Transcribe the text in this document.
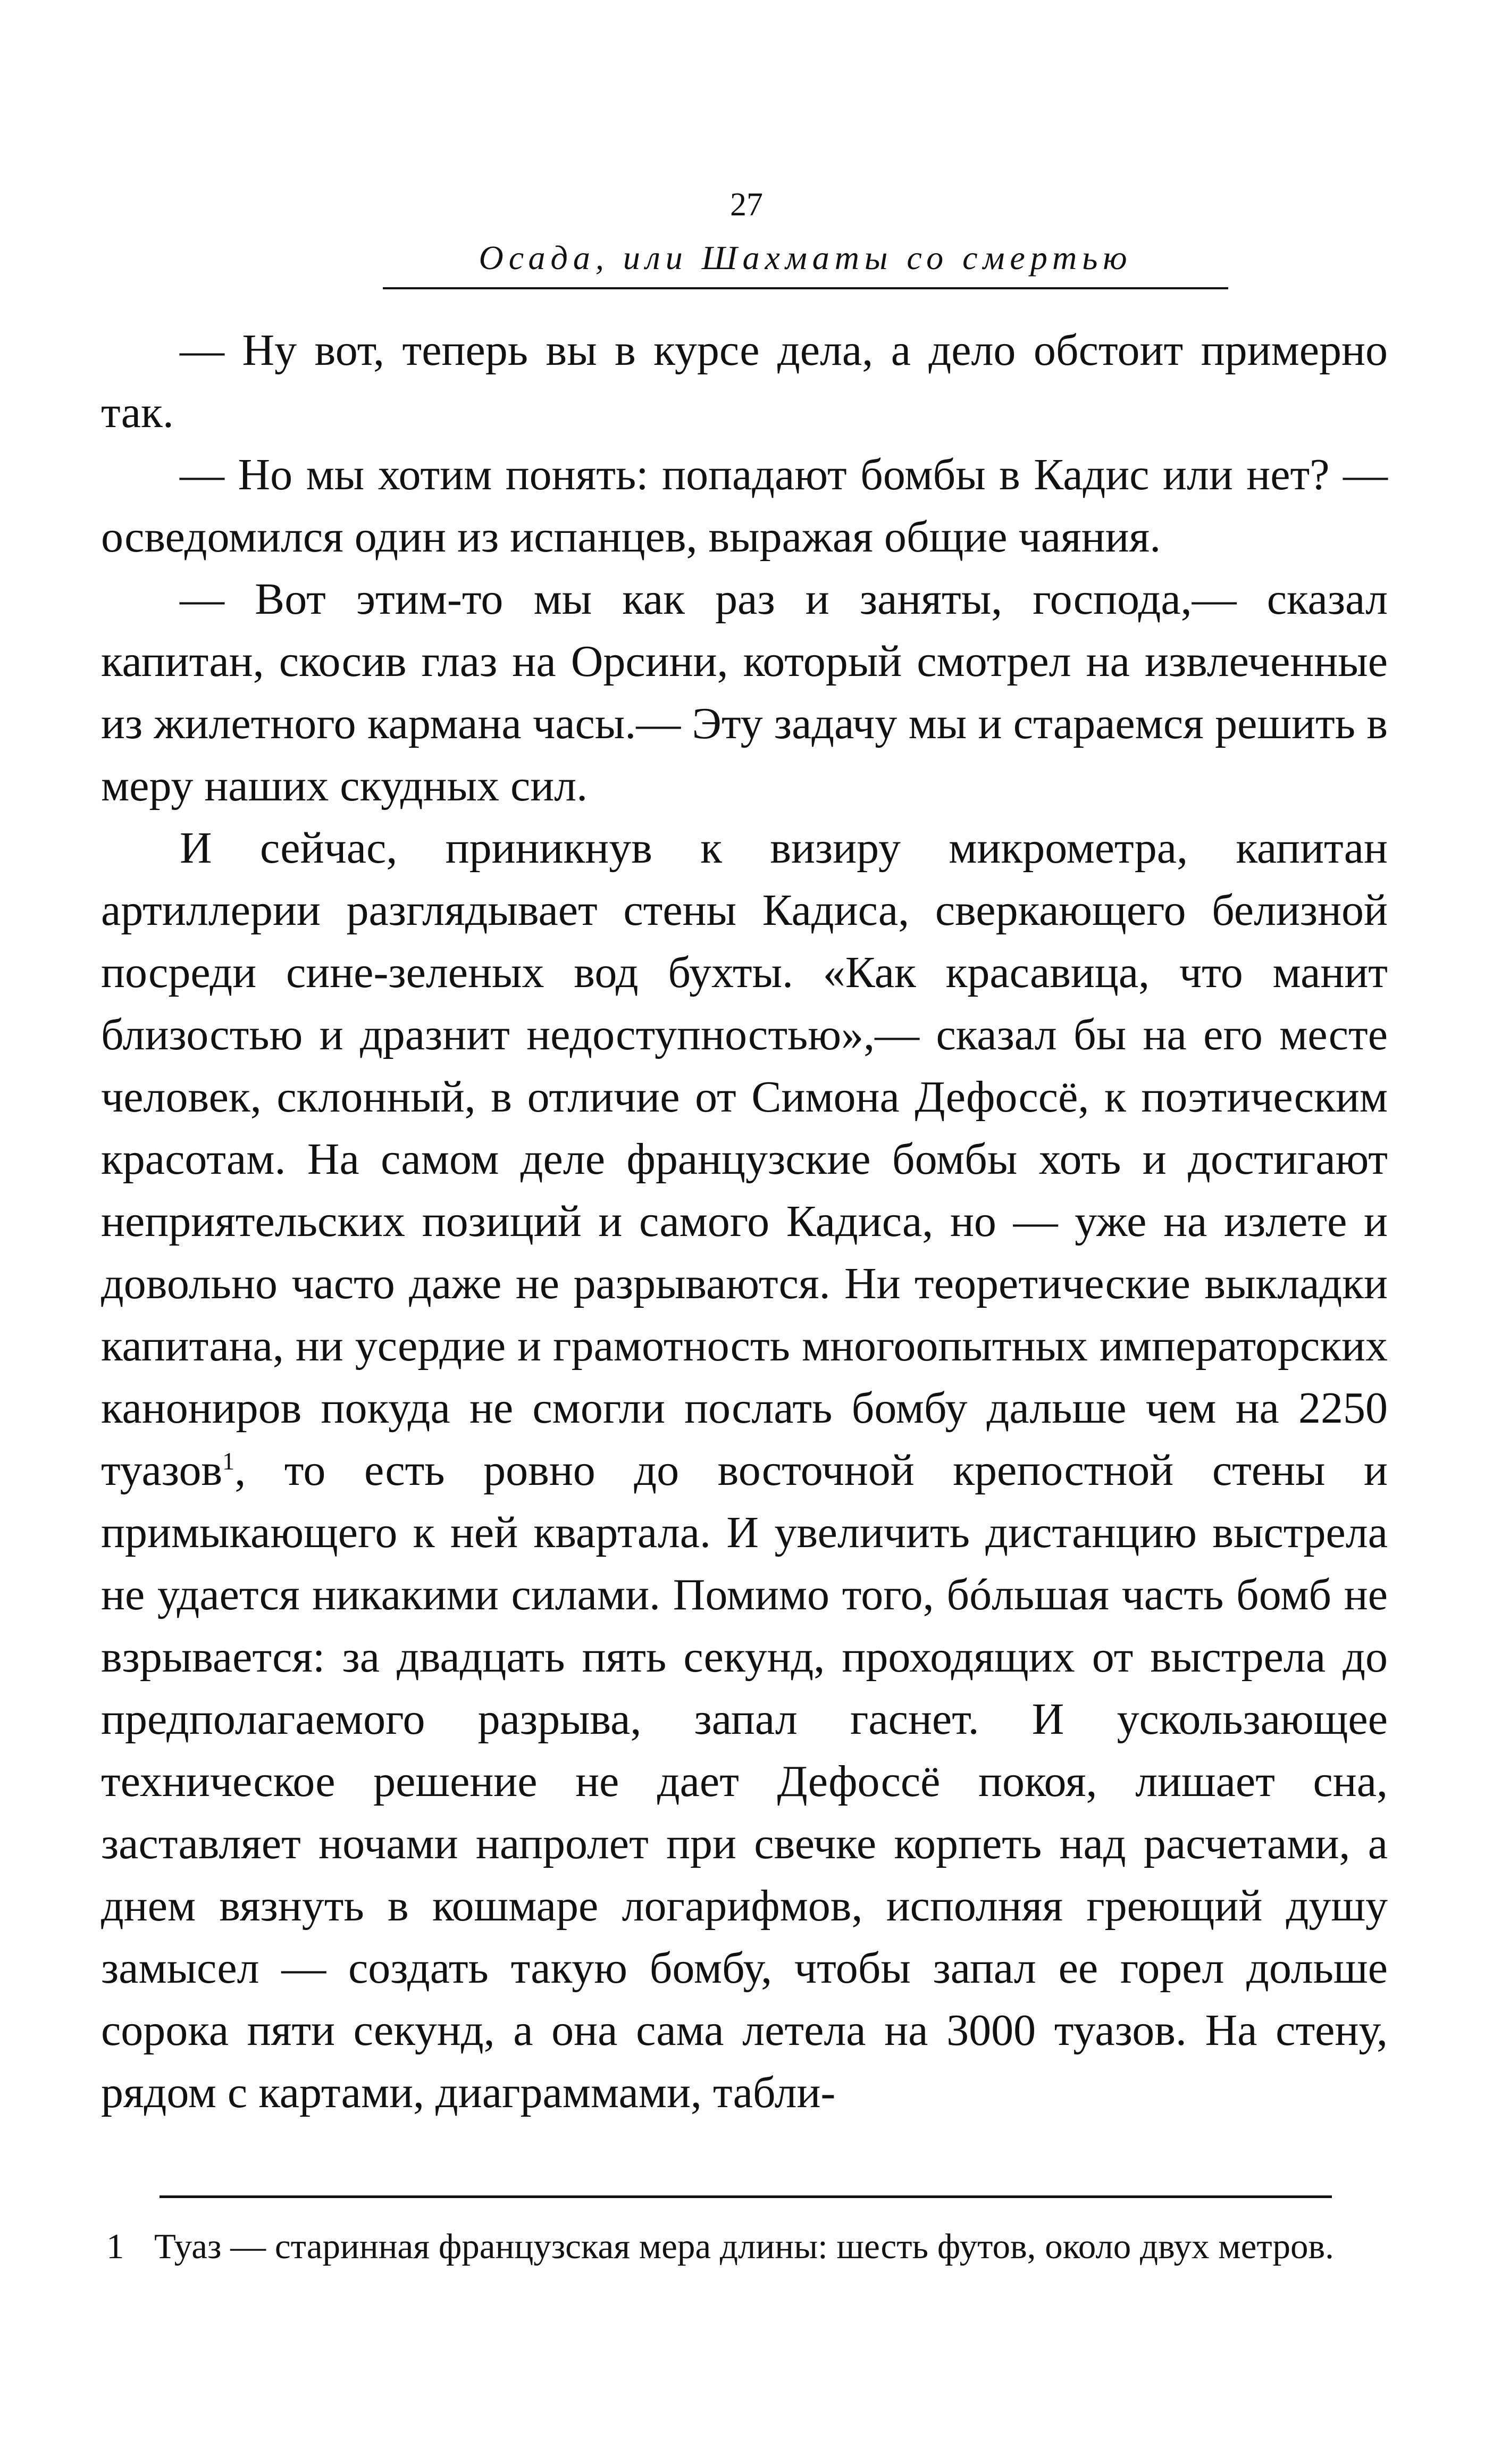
27
Осада, или Шахматы со смертью

— Ну вот, теперь вы в курсе дела, а дело обстоит примерно так.

— Но мы хотим понять: попадают бомбы в Кадис или нет? — осведомился один из испанцев, выражая общие чаяния.

— Вот этим-то мы как раз и заняты, господа,— сказал капитан, скосив глаз на Орсини, который смотрел на извлеченные из жилетного кармана часы.— Эту задачу мы и стараемся решить в меру наших скудных сил.

И сейчас, приникнув к визиру микрометра, капитан артиллерии разглядывает стены Кадиса, сверкающего белизной посреди сине-зеленых вод бухты. «Как красавица, что манит близостью и дразнит недоступностью»,— сказал бы на его месте человек, склонный, в отличие от Симона Дефоссё, к поэтическим красотам. На самом деле французские бомбы хоть и достигают неприятельских позиций и самого Кадиса, но — уже на излете и довольно часто даже не разрываются. Ни теоретические выкладки капитана, ни усердие и грамотность многоопытных императорских канониров покуда не смогли послать бомбу дальше чем на 2250 туазов$^1$, то есть ровно до восточной крепостной стены и примыкающего к ней квартала. И увеличить дистанцию выстрела не удается никакими силами. Помимо того, бóльшая часть бомб не взрывается: за двадцать пять секунд, проходящих от выстрела до предполагаемого разрыва, запал гаснет. И ускользающее техническое решение не дает Дефоссё покоя, лишает сна, заставляет ночами напролет при свечке корпеть над расчетами, а днем вязнуть в кошмаре логарифмов, исполняя греющий душу замысел — создать такую бомбу, чтобы запал ее горел дольше сорока пяти секунд, а она сама летела на 3000 туазов. На стену, рядом с картами, диаграммами, табли-

1 Туаз — старинная французская мера длины: шесть футов, около двух метров.
